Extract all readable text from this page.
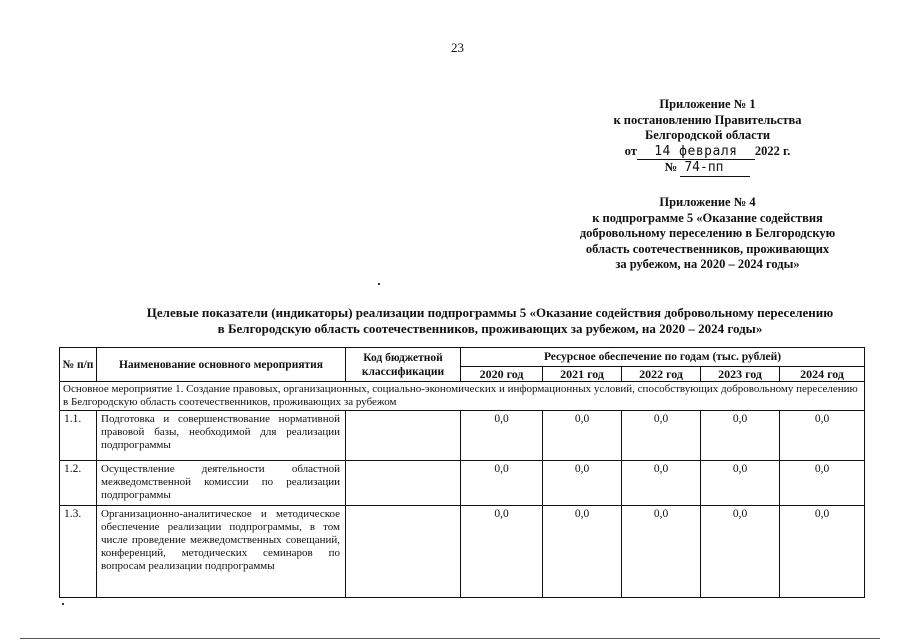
23
Приложение № 1
к постановлению Правительства
Белгородской области
от 14 февраля 2022 г.
№ 74-пп
Приложение № 4
к подпрограмме 5 «Оказание содействия
добровольному переселению в Белгородскую
область соотечественников, проживающих
за рубежом, на 2020 – 2024 годы»
Целевые показатели (индикаторы) реализации подпрограммы 5 «Оказание содействия добровольному переселению
в Белгородскую область соотечественников, проживающих за рубежом, на 2020 – 2024 годы»
№ п/п	Наименование основного мероприятия	Код бюджетной классификации	Ресурсное обеспечение по годам (тыс. рублей)				
			2020 год	2021 год	2022 год	2023 год	2024 год
Основное мероприятие 1. Создание правовых, организационных, социально-экономических и информационных условий, способствующих добровольному переселению в Белгородскую область соотечественников, проживающих за рубежом							
1.1.	Подготовка и совершенствование нормативной правовой базы, необходимой для реализации подпрограммы		0,0	0,0	0,0	0,0	0,0
1.2.	Осуществление деятельности областной межведомственной комиссии по реализации подпрограммы		0,0	0,0	0,0	0,0	0,0
1.3.	Организационно-аналитическое и методическое обеспечение реализации подпрограммы, в том числе проведение межведомственных совещаний, конференций, методических семинаров по вопросам реализации подпрограммы		0,0	0,0	0,0	0,0	0,0
